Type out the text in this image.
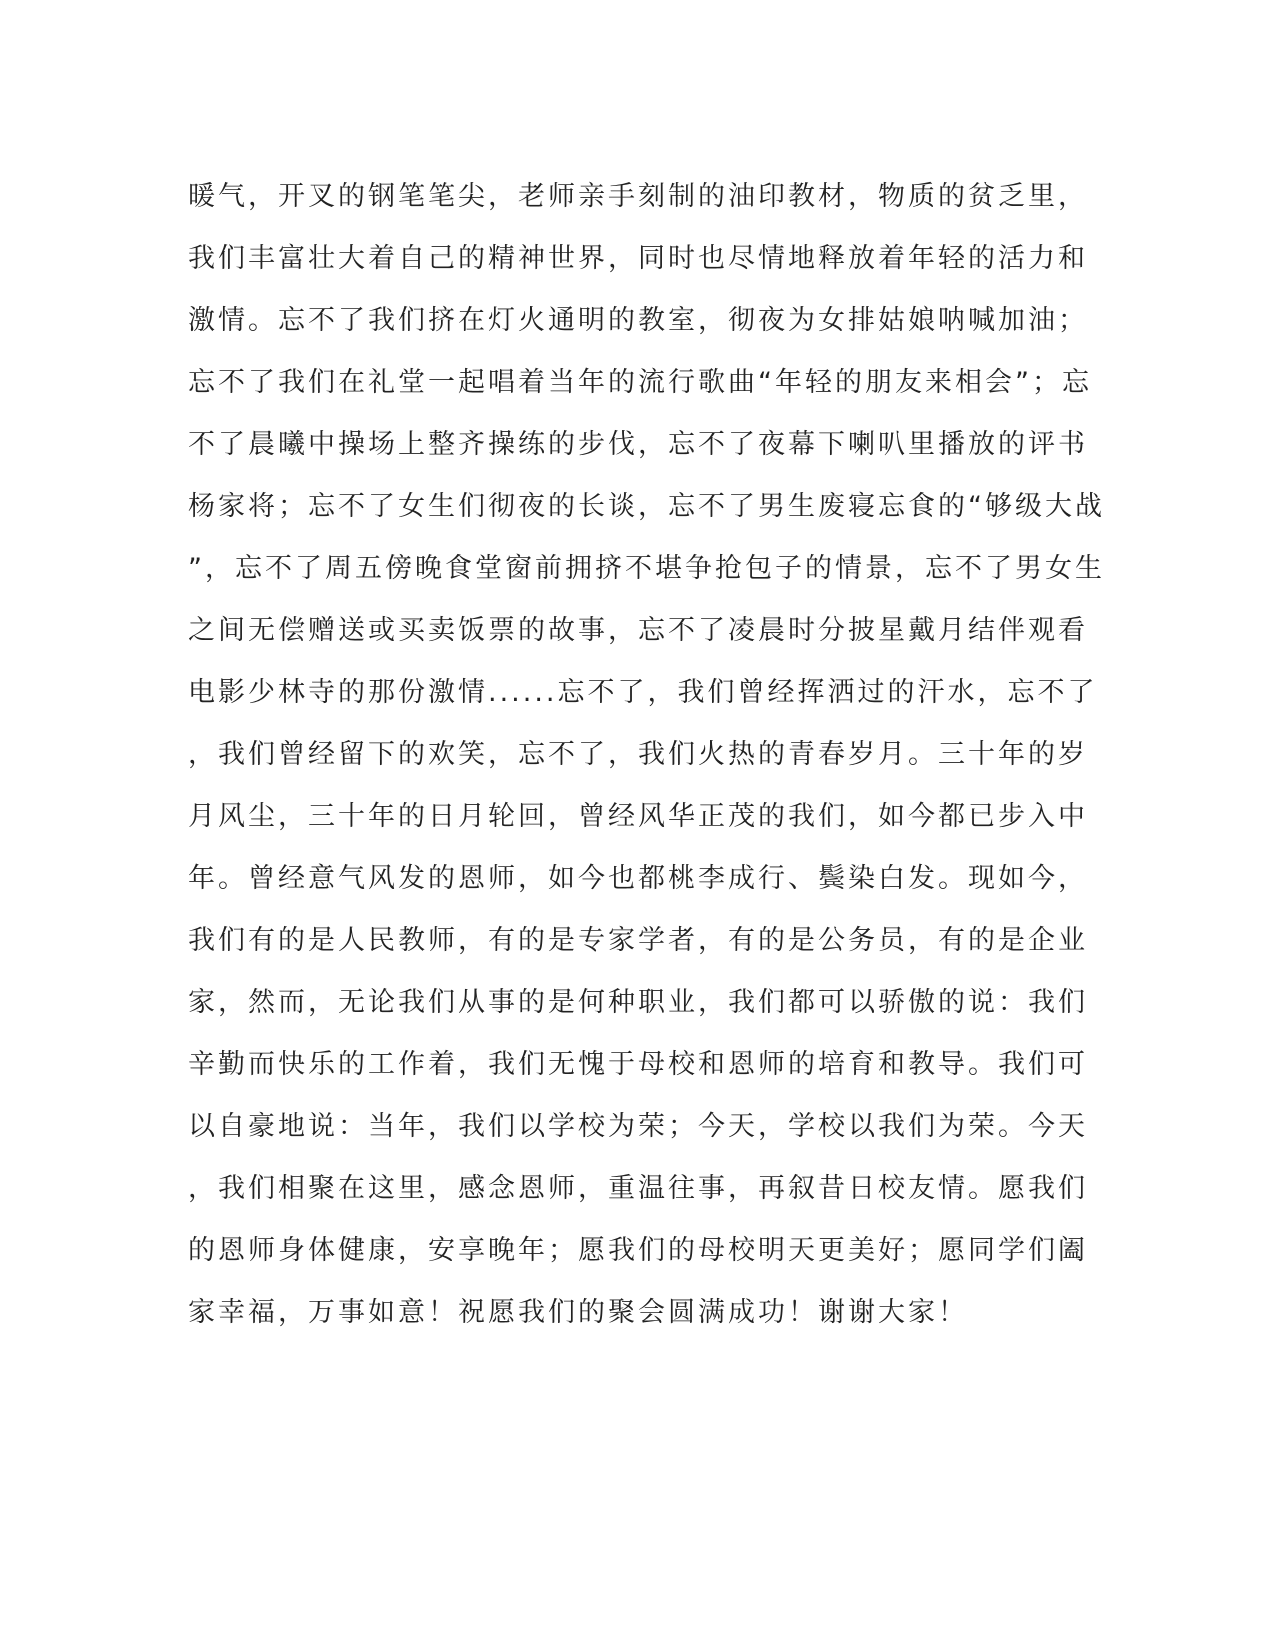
暖气，开叉的钢笔笔尖，老师亲手刻制的油印教材，物质的贫乏里，
我们丰富壮大着自己的精神世界，同时也尽情地释放着年轻的活力和
激情。忘不了我们挤在灯火通明的教室，彻夜为女排姑娘呐喊加油；
忘不了我们在礼堂一起唱着当年的流行歌曲“年轻的朋友来相会”；忘
不了晨曦中操场上整齐操练的步伐，忘不了夜幕下喇叭里播放的评书
杨家将；忘不了女生们彻夜的长谈，忘不了男生废寝忘食的“够级大战
”，忘不了周五傍晚食堂窗前拥挤不堪争抢包子的情景，忘不了男女生
之间无偿赠送或买卖饭票的故事，忘不了凌晨时分披星戴月结伴观看
电影少林寺的那份激情......忘不了，我们曾经挥洒过的汗水，忘不了
，我们曾经留下的欢笑，忘不了，我们火热的青春岁月。三十年的岁
月风尘，三十年的日月轮回，曾经风华正茂的我们，如今都已步入中
年。曾经意气风发的恩师，如今也都桃李成行、鬓染白发。现如今，
我们有的是人民教师，有的是专家学者，有的是公务员，有的是企业
家，然而，无论我们从事的是何种职业，我们都可以骄傲的说：我们
辛勤而快乐的工作着，我们无愧于母校和恩师的培育和教导。我们可
以自豪地说：当年，我们以学校为荣；今天，学校以我们为荣。今天
，我们相聚在这里，感念恩师，重温往事，再叙昔日校友情。愿我们
的恩师身体健康，安享晚年；愿我们的母校明天更美好；愿同学们阖
家幸福，万事如意！祝愿我们的聚会圆满成功！谢谢大家！
